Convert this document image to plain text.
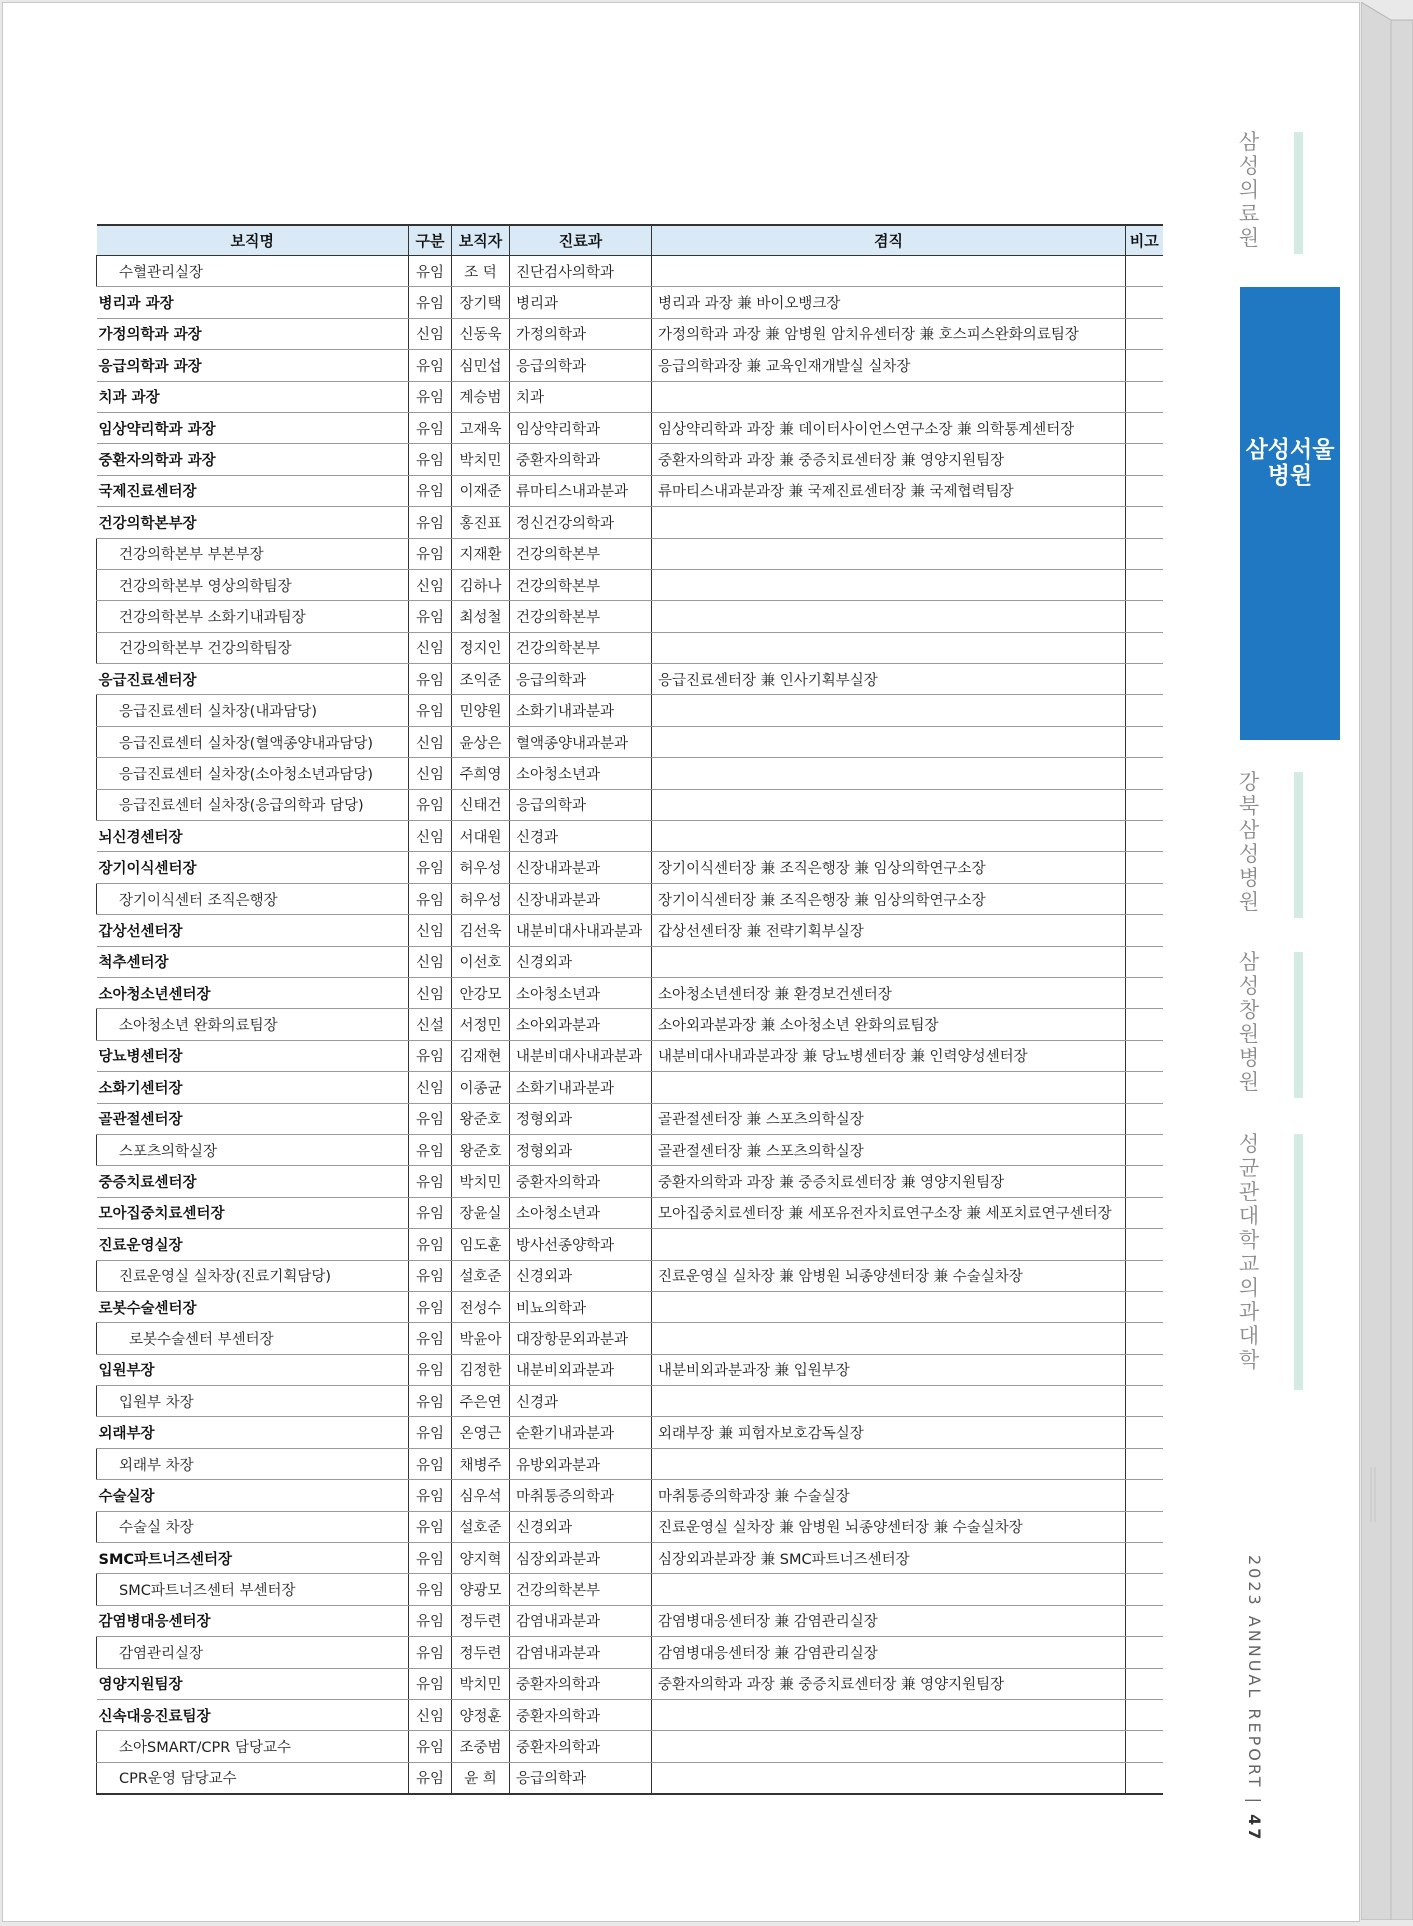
보직명	구분	보직자	진료과	겸직	비고
수혈관리실장	유임	조 덕	진단검사의학과		
병리과 과장	유임	장기택	병리과	병리과 과장 兼 바이오뱅크장	
가정의학과 과장	신임	신동욱	가정의학과	가정의학과 과장 兼 암병원 암치유센터장 兼 호스피스완화의료팀장	
응급의학과 과장	유임	심민섭	응급의학과	응급의학과장 兼 교육인재개발실 실차장	
치과 과장	유임	계승범	치과		
임상약리학과 과장	유임	고재욱	임상약리학과	임상약리학과 과장 兼 데이터사이언스연구소장 兼 의학통계센터장	
중환자의학과 과장	유임	박치민	중환자의학과	중환자의학과 과장 兼 중증치료센터장 兼 영양지원팀장	
국제진료센터장	유임	이재준	류마티스내과분과	류마티스내과분과장 兼 국제진료센터장 兼 국제협력팀장	
건강의학본부장	유임	홍진표	정신건강의학과		
건강의학본부 부본부장	유임	지재환	건강의학본부		
건강의학본부 영상의학팀장	신임	김하나	건강의학본부		
건강의학본부 소화기내과팀장	유임	최성철	건강의학본부		
건강의학본부 건강의학팀장	신임	정지인	건강의학본부		
응급진료센터장	유임	조익준	응급의학과	응급진료센터장 兼 인사기획부실장	
응급진료센터 실차장(내과담당)	유임	민양원	소화기내과분과		
응급진료센터 실차장(혈액종양내과담당)	신임	윤상은	혈액종양내과분과		
응급진료센터 실차장(소아청소년과담당)	신임	주희영	소아청소년과		
응급진료센터 실차장(응급의학과 담당)	유임	신태건	응급의학과		
뇌신경센터장	신임	서대원	신경과		
장기이식센터장	유임	허우성	신장내과분과	장기이식센터장 兼 조직은행장 兼 임상의학연구소장	
장기이식센터 조직은행장	유임	허우성	신장내과분과	장기이식센터장 兼 조직은행장 兼 임상의학연구소장	
갑상선센터장	신임	김선욱	내분비대사내과분과	갑상선센터장 兼 전략기획부실장	
척추센터장	신임	이선호	신경외과		
소아청소년센터장	신임	안강모	소아청소년과	소아청소년센터장 兼 환경보건센터장	
소아청소년 완화의료팀장	신설	서정민	소아외과분과	소아외과분과장 兼 소아청소년 완화의료팀장	
당뇨병센터장	유임	김재현	내분비대사내과분과	내분비대사내과분과장 兼 당뇨병센터장 兼 인력양성센터장	
소화기센터장	신임	이종균	소화기내과분과		
골관절센터장	유임	왕준호	정형외과	골관절센터장 兼 스포츠의학실장	
스포츠의학실장	유임	왕준호	정형외과	골관절센터장 兼 스포츠의학실장	
중증치료센터장	유임	박치민	중환자의학과	중환자의학과 과장 兼 중증치료센터장 兼 영양지원팀장	
모아집중치료센터장	유임	장윤실	소아청소년과	모아집중치료센터장 兼 세포유전자치료연구소장 兼 세포치료연구센터장	
진료운영실장	유임	임도훈	방사선종양학과		
진료운영실 실차장(진료기획담당)	유임	설호준	신경외과	진료운영실 실차장 兼 암병원 뇌종양센터장 兼 수술실차장	
로봇수술센터장	유임	전성수	비뇨의학과		
로봇수술센터 부센터장	유임	박윤아	대장항문외과분과		
입원부장	유임	김정한	내분비외과분과	내분비외과분과장 兼 입원부장	
입원부 차장	유임	주은연	신경과		
외래부장	유임	온영근	순환기내과분과	외래부장 兼 피험자보호감독실장	
외래부 차장	유임	채병주	유방외과분과		
수술실장	유임	심우석	마취통증의학과	마취통증의학과장 兼 수술실장	
수술실 차장	유임	설호준	신경외과	진료운영실 실차장 兼 암병원 뇌종양센터장 兼 수술실차장	
SMC파트너즈센터장	유임	양지혁	심장외과분과	심장외과분과장 兼 SMC파트너즈센터장	
SMC파트너즈센터 부센터장	유임	양광모	건강의학본부		
감염병대응센터장	유임	정두련	감염내과분과	감염병대응센터장 兼 감염관리실장	
감염관리실장	유임	정두련	감염내과분과	감염병대응센터장 兼 감염관리실장	
영양지원팀장	유임	박치민	중환자의학과	중환자의학과 과장 兼 중증치료센터장 兼 영양지원팀장	
신속대응진료팀장	신임	양정훈	중환자의학과		
소아SMART/CPR 담당교수	유임	조중범	중환자의학과		
CPR운영 담당교수	유임	윤 희	응급의학과		
삼성의료원
삼성서울병원
강북삼성병원
삼성창원병원
성균관대학교 의과대학
2023 ANNUAL REPORT | 47
